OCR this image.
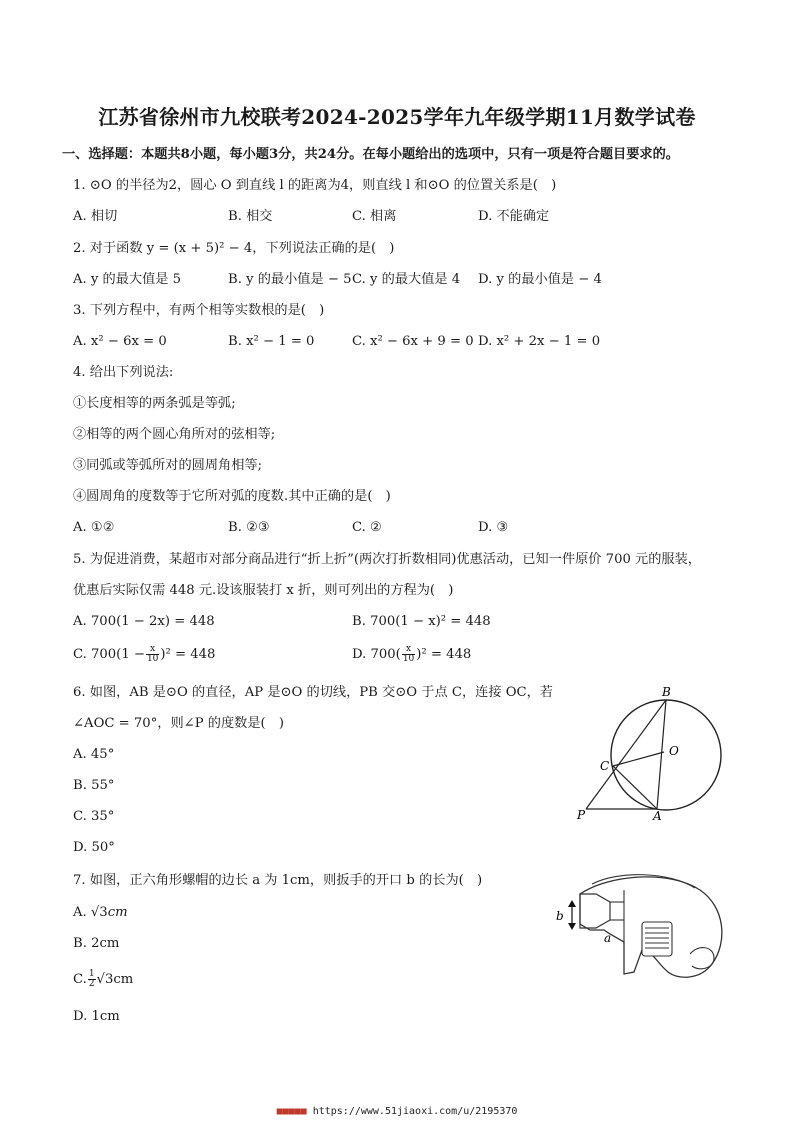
江苏省徐州市九校联考2024-2025学年九年级学期11月数学试卷
一、选择题：本题共8小题，每小题3分，共24分。在每小题给出的选项中，只有一项是符合题目要求的。
1. ⊙O 的半径为2，圆心 O 到直线 l 的距离为4，则直线 l 和⊙O 的位置关系是(　)
A. 相切	B. 相交	C. 相离	D. 不能确定
2. 对于函数 y = (x + 5)² − 4，下列说法正确的是(　)
A. y 的最大值是 5	B. y 的最小值是 − 5 C. y 的最大值是 4 D. y 的最小值是 − 4
3. 下列方程中，有两个相等实数根的是(　)
A. x² − 6x = 0	B. x² − 1 = 0	C. x² − 6x + 9 = 0 D. x² + 2x − 1 = 0
4. 给出下列说法:
①长度相等的两条弧是等弧;
②相等的两个圆心角所对的弦相等;
③同弧或等弧所对的圆周角相等;
④圆周角的度数等于它所对弧的度数.其中正确的是(　)
A. ①②	B. ②③	C. ②	D. ③
5. 为促进消费，某超市对部分商品进行“折上折”(两次打折数相同)优惠活动，已知一件原价 700 元的服装，
优惠后实际仅需 448 元.设该服装打 x 折，则可列出的方程为(　)
A. 700(1 − 2x) = 448	B. 700(1 − x)² = 448
C. $700(1 - \frac{x}{10} )^2 = 448$	D. $700( \frac{x}{10} )^2 = 448$
6. 如图，AB 是⊙O 的直径，AP 是⊙O 的切线，PB 交⊙O 于点 C，连接 OC，若
∠AOC = 70°，则∠P 的度数是(　)
A. 45°
B. 55°
C. 35°
D. 50°
B
O
C
P	A
7. 如图，正六角形螺帽的边长 a 为 1cm，则扳手的开口 b 的长为(　)
A. √3cm
B. 2cm
C. $\frac{1}{2} √3cm$
D. 1cm
b
a
■■■■■ https://www.51jiaoxi.com/u/2195370
